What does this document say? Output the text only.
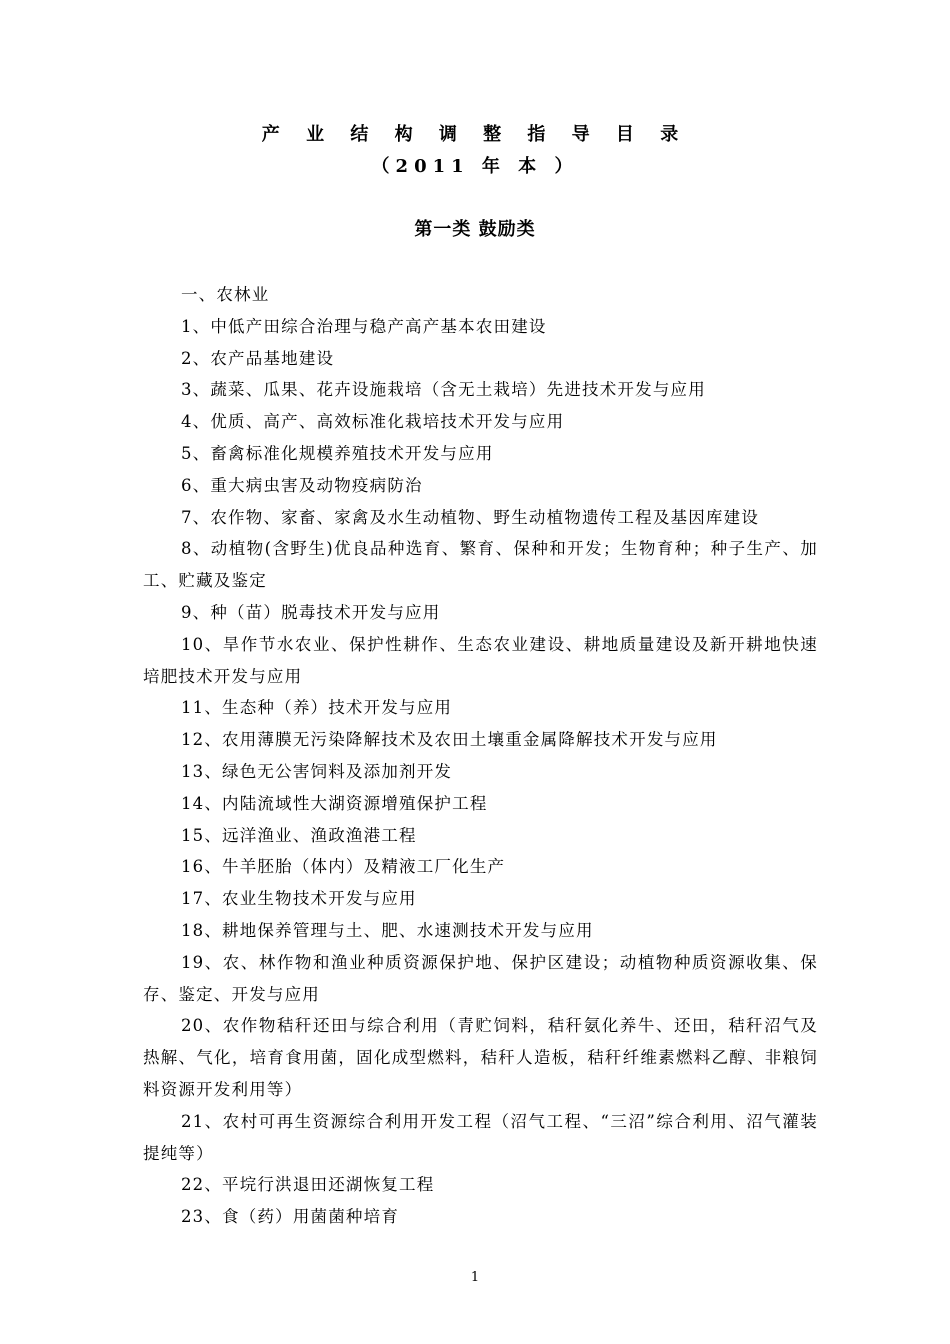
产 业 结 构 调 整 指 导 目 录
（2011 年 本 ）
第一类 鼓励类

一、农林业

1、中低产田综合治理与稳产高产基本农田建设

2、农产品基地建设

3、蔬菜、瓜果、花卉设施栽培（含无土栽培）先进技术开发与应用

4、优质、高产、高效标准化栽培技术开发与应用

5、畜禽标准化规模养殖技术开发与应用

6、重大病虫害及动物疫病防治

7、农作物、家畜、家禽及水生动植物、野生动植物遗传工程及基因库建设

8、动植物(含野生)优良品种选育、繁育、保种和开发；生物育种；种子生产、加工、贮藏及鉴定

9、种（苗）脱毒技术开发与应用

10、旱作节水农业、保护性耕作、生态农业建设、耕地质量建设及新开耕地快速培肥技术开发与应用

11、生态种（养）技术开发与应用

12、农用薄膜无污染降解技术及农田土壤重金属降解技术开发与应用

13、绿色无公害饲料及添加剂开发

14、内陆流域性大湖资源增殖保护工程

15、远洋渔业、渔政渔港工程

16、牛羊胚胎（体内）及精液工厂化生产

17、农业生物技术开发与应用

18、耕地保养管理与土、肥、水速测技术开发与应用

19、农、林作物和渔业种质资源保护地、保护区建设；动植物种质资源收集、保存、鉴定、开发与应用

20、农作物秸秆还田与综合利用（青贮饲料，秸秆氨化养牛、还田，秸秆沼气及热解、气化，培育食用菌，固化成型燃料，秸秆人造板，秸秆纤维素燃料乙醇、非粮饲料资源开发利用等）

21、农村可再生资源综合利用开发工程（沼气工程、“三沼”综合利用、沼气灌装提纯等）

22、平垸行洪退田还湖恢复工程

23、食（药）用菌菌种培育

1
